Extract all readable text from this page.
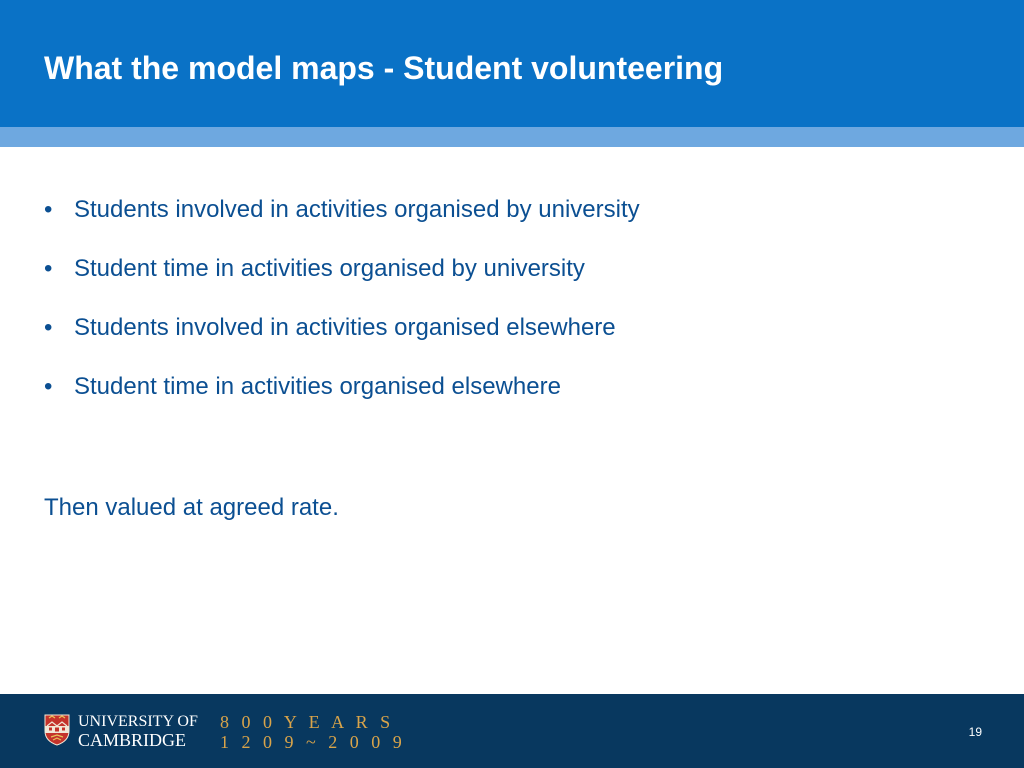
What the model maps - Student volunteering
• Students involved in activities organised by university
• Student time in activities organised by university
• Students involved in activities organised elsewhere
• Student time in activities organised elsewhere

Then valued at agreed rate.

UNIVERSITY OF
CAMBRIDGE
8 0 0 Y E A R S
1 2 0 9 ~ 2 0 0 9	19
